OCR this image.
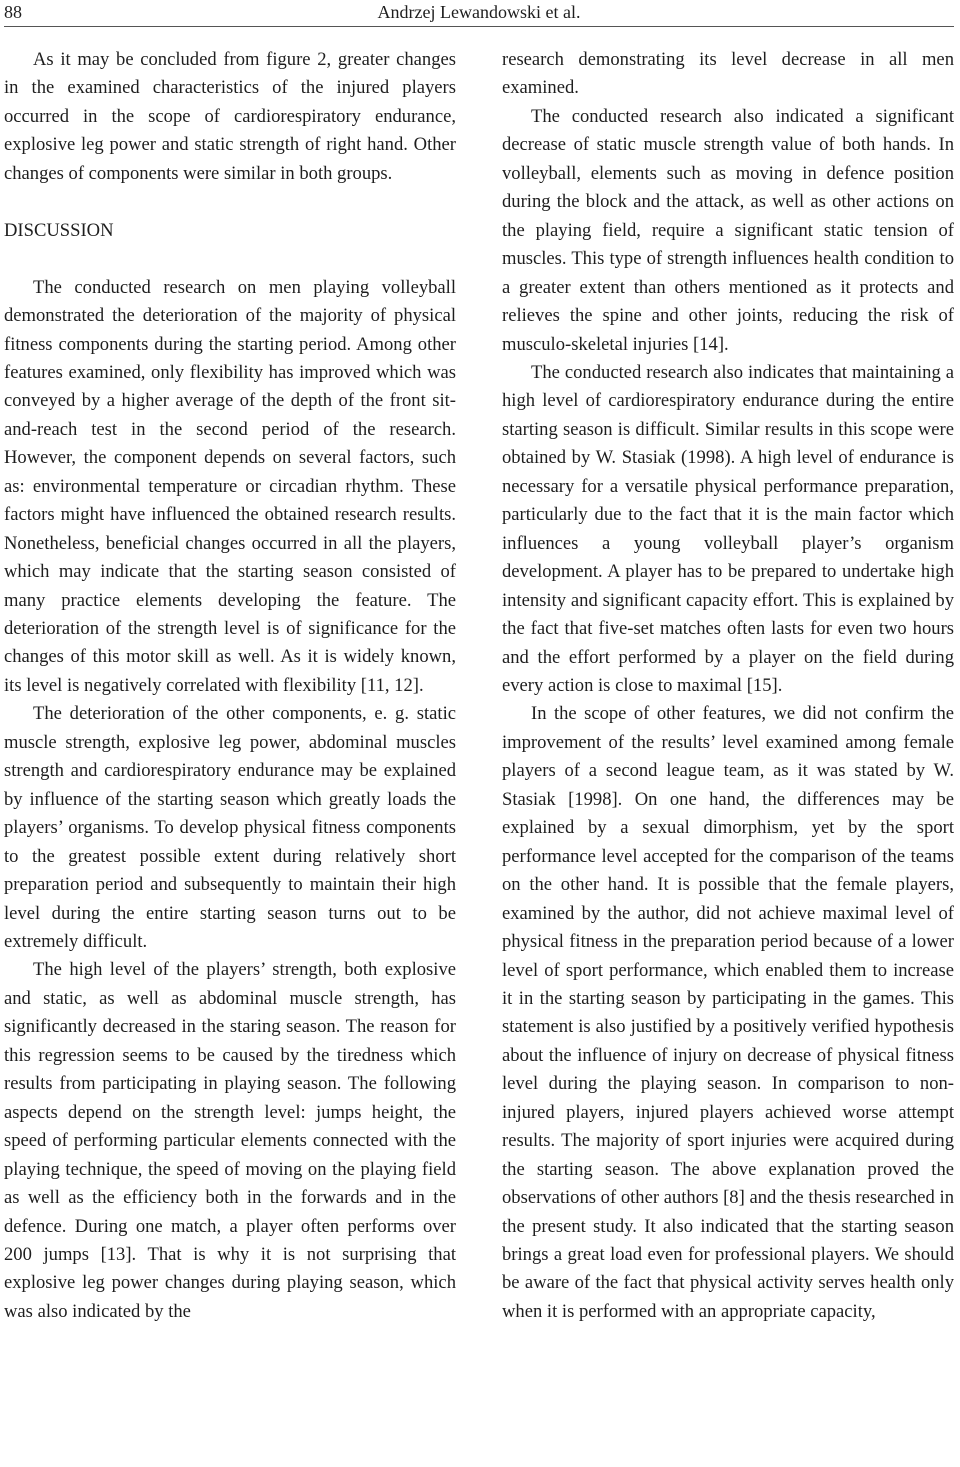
88	Andrzej Lewandowski et al.

As it may be concluded from figure 2, greater changes in the examined characteristics of the injured players occurred in the scope of cardiorespiratory endurance, explosive leg power and static strength of right hand. Other changes of components were similar in both groups.

DISCUSSION

The conducted research on men playing volleyball demonstrated the deterioration of the majority of physical fitness components during the starting period. Among other features examined, only flexibility has improved which was conveyed by a higher average of the depth of the front sit-and-reach test in the second period of the research. However, the component depends on several factors, such as: environmental temperature or circadian rhythm. These factors might have influenced the obtained research results. Nonetheless, beneficial changes occurred in all the players, which may indicate that the starting season consisted of many practice elements developing the feature. The deterioration of the strength level is of significance for the changes of this motor skill as well. As it is widely known, its level is negatively correlated with flexibility [11, 12].

The deterioration of the other components, e. g. static muscle strength, explosive leg power, abdominal muscles strength and cardiorespiratory endurance may be explained by influence of the starting season which greatly loads the players’ organisms. To develop physical fitness components to the greatest possible extent during relatively short preparation period and subsequently to maintain their high level during the entire starting season turns out to be extremely difficult.

The high level of the players’ strength, both explosive and static, as well as abdominal muscle strength, has significantly decreased in the staring season. The reason for this regression seems to be caused by the tiredness which results from participating in playing season. The following aspects depend on the strength level: jumps height, the speed of performing particular elements connected with the playing technique, the speed of moving on the playing field as well as the efficiency both in the forwards and in the defence. During one match, a player often performs over 200 jumps [13]. That is why it is not surprising that explosive leg power changes during playing season, which was also indicated by the

research demonstrating its level decrease in all men examined.

The conducted research also indicated a significant decrease of static muscle strength value of both hands. In volleyball, elements such as moving in defence position during the block and the attack, as well as other actions on the playing field, require a significant static tension of muscles. This type of strength influences health condition to a greater extent than others mentioned as it protects and relieves the spine and other joints, reducing the risk of musculo-skeletal injuries [14].

The conducted research also indicates that maintaining a high level of cardiorespiratory endurance during the entire starting season is difficult. Similar results in this scope were obtained by W. Stasiak (1998). A high level of endurance is necessary for a versatile physical performance preparation, particularly due to the fact that it is the main factor which influences a young volleyball player’s organism development. A player has to be prepared to undertake high intensity and significant capacity effort. This is explained by the fact that five-set matches often lasts for even two hours and the effort performed by a player on the field during every action is close to maximal [15].

In the scope of other features, we did not confirm the improvement of the results’ level examined among female players of a second league team, as it was stated by W. Stasiak [1998]. On one hand, the differences may be explained by a sexual dimorphism, yet by the sport performance level accepted for the comparison of the teams on the other hand. It is possible that the female players, examined by the author, did not achieve maximal level of physical fitness in the preparation period because of a lower level of sport performance, which enabled them to increase it in the starting season by participating in the games. This statement is also justified by a positively verified hypothesis about the influence of injury on decrease of physical fitness level during the playing season. In comparison to non-injured players, injured players achieved worse attempt results. The majority of sport injuries were acquired during the starting season. The above explanation proved the observations of other authors [8] and the thesis researched in the present study. It also indicated that the starting season brings a great load even for professional players. We should be aware of the fact that physical activity serves health only when it is performed with an appropriate capacity,
